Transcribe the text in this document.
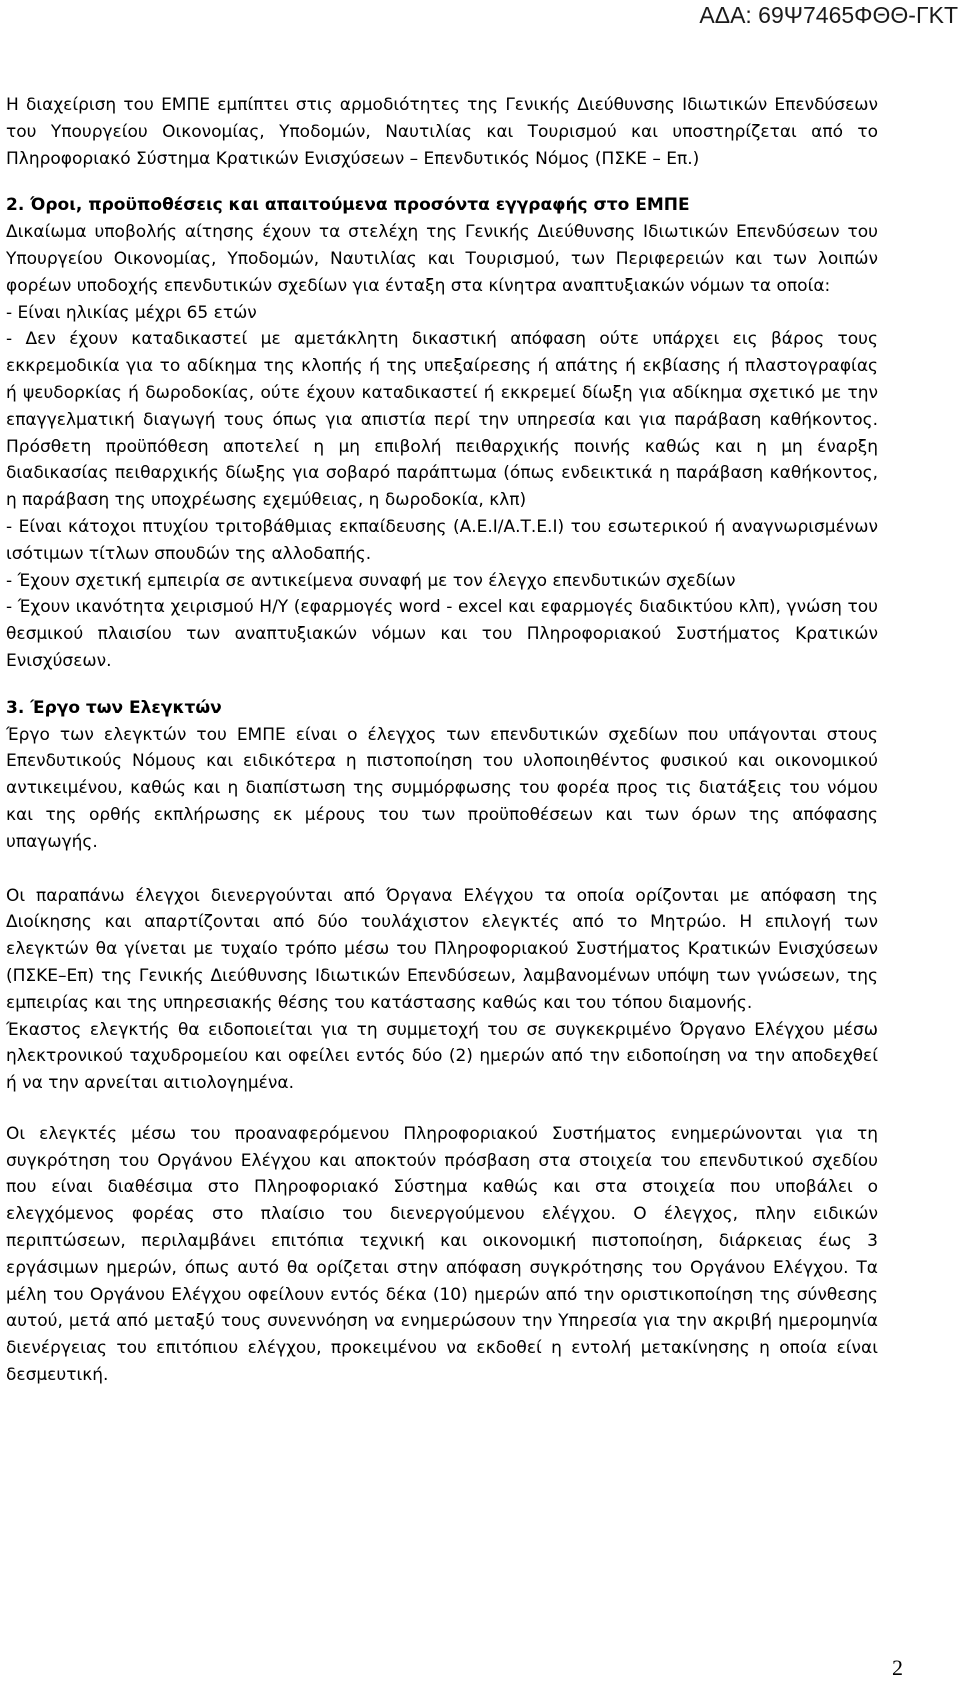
ΑΔΑ: 69Ψ7465ΦΘΘ-ΓΚΤ

Η διαχείριση του ΕΜΠΕ εμπίπτει στις αρμοδιότητες της Γενικής Διεύθυνσης Ιδιωτικών Επενδύσεων του Υπουργείου Οικονομίας, Υποδομών, Ναυτιλίας και Τουρισμού και υποστηρίζεται από το Πληροφοριακό Σύστημα Κρατικών Ενισχύσεων – Επενδυτικός Νόμος (ΠΣΚΕ – Επ.)

2. Όροι, προϋποθέσεις και απαιτούμενα προσόντα εγγραφής στο ΕΜΠΕ

Δικαίωμα υποβολής αίτησης έχουν τα στελέχη της Γενικής Διεύθυνσης Ιδιωτικών Επενδύσεων του Υπουργείου Οικονομίας, Υποδομών, Ναυτιλίας και Τουρισμού, των Περιφερειών και των λοιπών φορέων υποδοχής επενδυτικών σχεδίων για ένταξη στα κίνητρα αναπτυξιακών νόμων τα οποία:

- Είναι ηλικίας μέχρι 65 ετών

- Δεν έχουν καταδικαστεί με αμετάκλητη δικαστική απόφαση ούτε υπάρχει εις βάρος τους εκκρεμοδικία για το αδίκημα της κλοπής ή της υπεξαίρεσης ή απάτης ή εκβίασης ή πλαστογραφίας ή ψευδορκίας ή δωροδοκίας, ούτε έχουν καταδικαστεί ή εκκρεμεί δίωξη για αδίκημα σχετικό με την επαγγελματική διαγωγή τους όπως για απιστία περί την υπηρεσία και για παράβαση καθήκοντος. Πρόσθετη προϋπόθεση αποτελεί η μη επιβολή πειθαρχικής ποινής καθώς και η μη έναρξη διαδικασίας πειθαρχικής δίωξης για σοβαρό παράπτωμα (όπως ενδεικτικά η παράβαση καθήκοντος, η παράβαση της υποχρέωσης εχεμύθειας, η δωροδοκία, κλπ)

- Είναι κάτοχοι πτυχίου τριτοβάθμιας εκπαίδευσης (Α.Ε.Ι/Α.Τ.Ε.Ι) του εσωτερικού ή αναγνωρισμένων ισότιμων τίτλων σπουδών της αλλοδαπής.

- Έχουν σχετική εμπειρία σε αντικείμενα συναφή με τον έλεγχο επενδυτικών σχεδίων

- Έχουν ικανότητα χειρισμού Η/Υ (εφαρμογές word - excel και εφαρμογές διαδικτύου κλπ), γνώση του θεσμικού πλαισίου των αναπτυξιακών νόμων και του Πληροφοριακού Συστήματος Κρατικών Ενισχύσεων.

3. Έργο των Ελεγκτών

Έργο των ελεγκτών του ΕΜΠΕ είναι ο έλεγχος των επενδυτικών σχεδίων που υπάγονται στους Επενδυτικούς Νόμους και ειδικότερα η πιστοποίηση του υλοποιηθέντος φυσικού και οικονομικού αντικειμένου, καθώς και η διαπίστωση της συμμόρφωσης του φορέα προς τις διατάξεις του νόμου και της ορθής εκπλήρωσης εκ μέρους του των προϋποθέσεων και των όρων της απόφασης υπαγωγής.

Οι παραπάνω έλεγχοι διενεργούνται από Όργανα Ελέγχου τα οποία ορίζονται με απόφαση της Διοίκησης και απαρτίζονται από δύο τουλάχιστον ελεγκτές από το Μητρώο. Η επιλογή των ελεγκτών θα γίνεται με τυχαίο τρόπο μέσω του Πληροφοριακού Συστήματος Κρατικών Ενισχύσεων (ΠΣΚΕ–Επ) της Γενικής Διεύθυνσης Ιδιωτικών Επενδύσεων, λαμβανομένων υπόψη των γνώσεων, της εμπειρίας και της υπηρεσιακής θέσης του κατάστασης καθώς και του τόπου διαμονής.

Έκαστος ελεγκτής θα ειδοποιείται για τη συμμετοχή του σε συγκεκριμένο Όργανο Ελέγχου μέσω ηλεκτρονικού ταχυδρομείου και οφείλει εντός δύο (2) ημερών από την ειδοποίηση να την αποδεχθεί ή να την αρνείται αιτιολογημένα.

Οι ελεγκτές μέσω του προαναφερόμενου Πληροφοριακού Συστήματος ενημερώνονται για τη συγκρότηση του Οργάνου Ελέγχου και αποκτούν πρόσβαση στα στοιχεία του επενδυτικού σχεδίου που είναι διαθέσιμα στο Πληροφοριακό Σύστημα καθώς και στα στοιχεία που υποβάλει ο ελεγχόμενος φορέας στο πλαίσιο του διενεργούμενου ελέγχου. Ο έλεγχος, πλην ειδικών περιπτώσεων, περιλαμβάνει επιτόπια τεχνική και οικονομική πιστοποίηση, διάρκειας έως 3 εργάσιμων ημερών, όπως αυτό θα ορίζεται στην απόφαση συγκρότησης του Οργάνου Ελέγχου. Τα μέλη του Οργάνου Ελέγχου οφείλουν εντός δέκα (10) ημερών από την οριστικοποίηση της σύνθεσης αυτού, μετά από μεταξύ τους συνεννόηση να ενημερώσουν την Υπηρεσία για την ακριβή ημερομηνία διενέργειας του επιτόπιου ελέγχου, προκειμένου να εκδοθεί η εντολή μετακίνησης η οποία είναι δεσμευτική.

2
